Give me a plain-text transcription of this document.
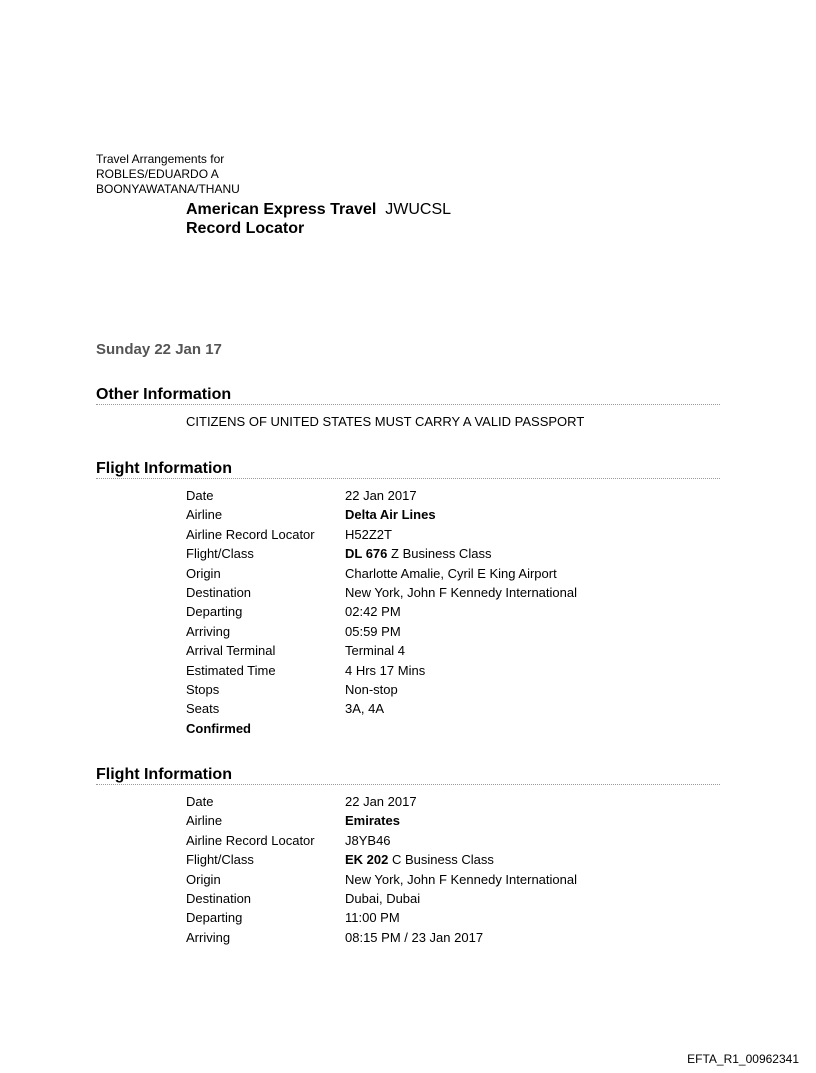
Travel Arrangements for
ROBLES/EDUARDO A
BOONYAWATANA/THANU
American Express Travel JWUCSL
Record Locator
Sunday 22 Jan 17
Other Information
CITIZENS OF UNITED STATES MUST CARRY A VALID PASSPORT
Flight Information
Date	22 Jan 2017
Airline	Delta Air Lines
Airline Record Locator	H52Z2T
Flight/Class	DL 676 Z Business Class
Origin	Charlotte Amalie, Cyril E King Airport
Destination	New York, John F Kennedy International
Departing	02:42 PM
Arriving	05:59 PM
Arrival Terminal	Terminal 4
Estimated Time	4 Hrs 17 Mins
Stops	Non-stop
Seats	3A, 4A
Confirmed
Flight Information
Date	22 Jan 2017
Airline	Emirates
Airline Record Locator	J8YB46
Flight/Class	EK 202 C Business Class
Origin	New York, John F Kennedy International
Destination	Dubai, Dubai
Departing	11:00 PM
Arriving	08:15 PM / 23 Jan 2017
EFTA_R1_00962341
